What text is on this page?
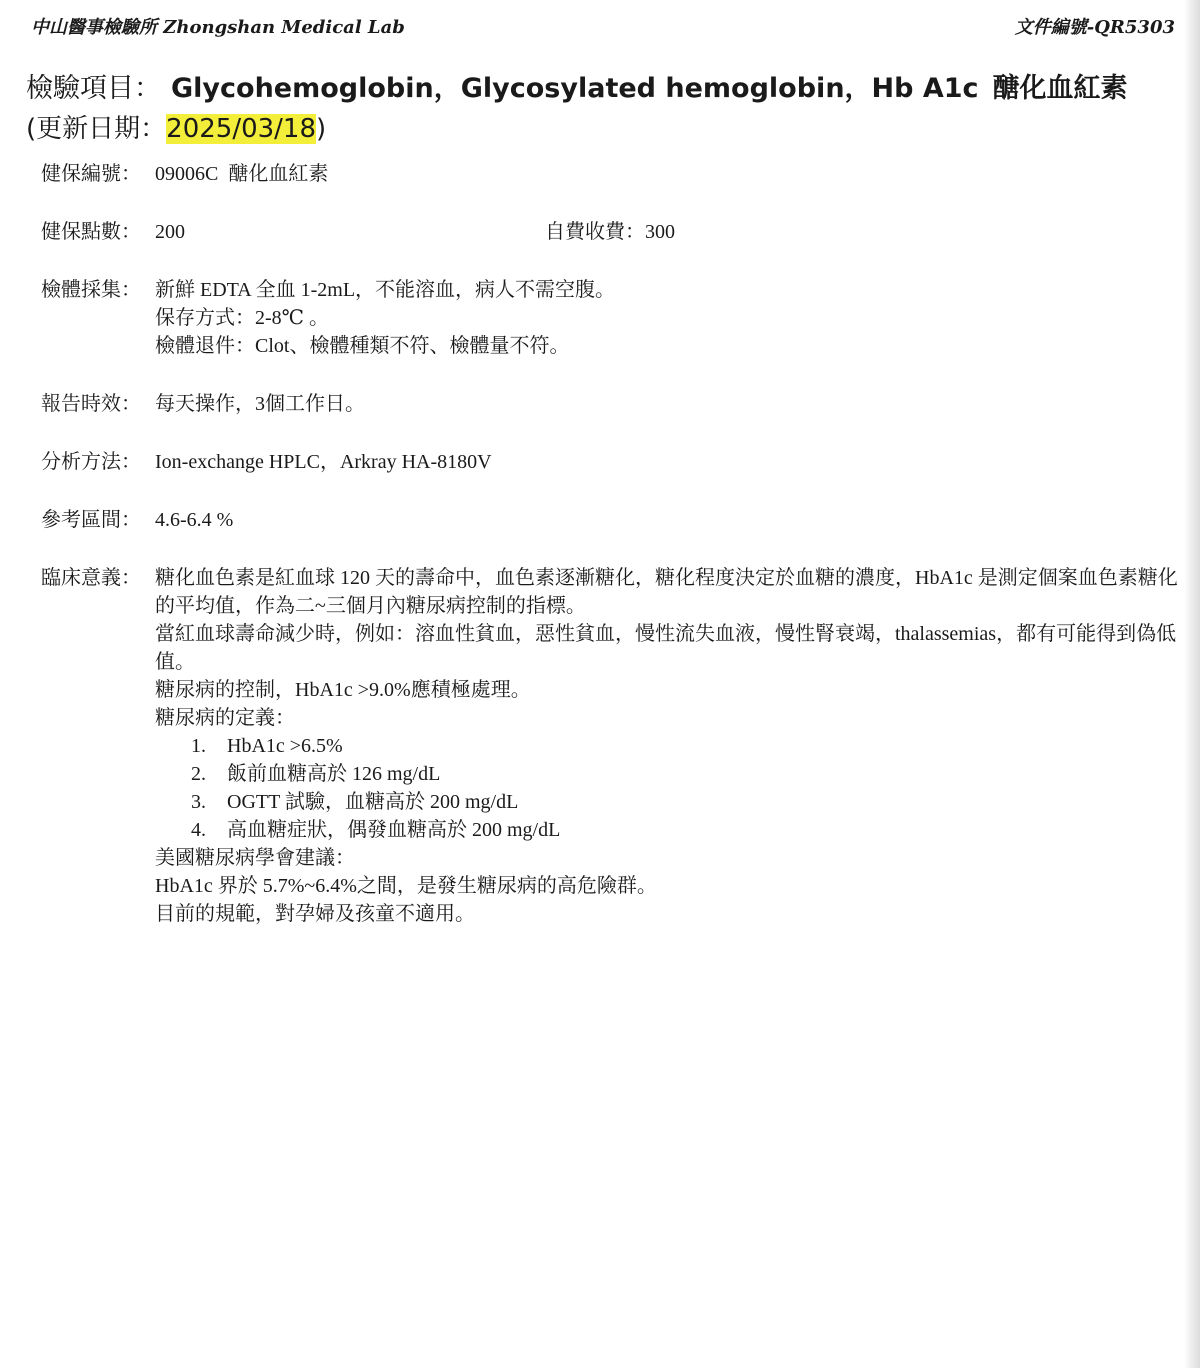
中山醫事檢驗所 Zhongshan Medical Lab	文件編號-QR5303
檢驗項目： Glycohemoglobin，Glycosylated hemoglobin，Hb A1c 醣化血紅素
(更新日期：2025/03/18)
健保編號： 09006C  醣化血紅素
健保點數： 200	自費收費：300
檢體採集： 新鮮 EDTA 全血 1-2mL，不能溶血，病人不需空腹。

保存方式：2-8℃ 。

檢體退件：Clot、檢體種類不符、檢體量不符。

報告時效： 每天操作，3個工作日。
分析方法： Ion-exchange HPLC，Arkray HA-8180V
參考區間： 4.6-6.4 %
臨床意義： 糖化血色素是紅血球 120 天的壽命中，血色素逐漸糖化，糖化程度決定於血糖的濃度，HbA1c 是測定個案血色素糖化的平均值，作為二~三個月內糖尿病控制的指標。

當紅血球壽命減少時，例如：溶血性貧血，惡性貧血，慢性流失血液，慢性腎衰竭，thalassemias，都有可能得到偽低值。

糖尿病的控制，HbA1c >9.0%應積極處理。

糖尿病的定義：

1. HbA1c >6.5%
2. 飯前血糖高於 126 mg/dL
3. OGTT 試驗，血糖高於 200 mg/dL
4. 高血糖症狀，偶發血糖高於 200 mg/dL

美國糖尿病學會建議：

HbA1c 界於 5.7%~6.4%之間，是發生糖尿病的高危險群。

目前的規範，對孕婦及孩童不適用。
